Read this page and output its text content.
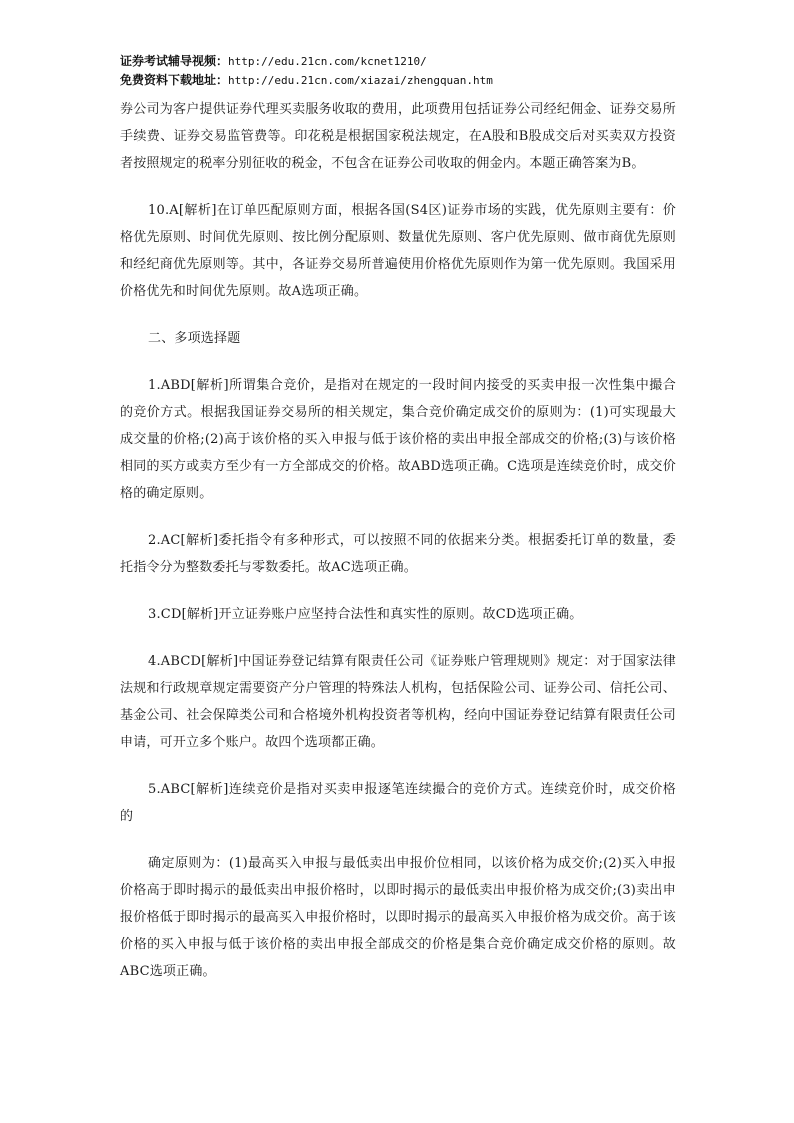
证券考试辅导视频：http://edu.21cn.com/kcnet1210/
免费资料下载地址：http://edu.21cn.com/xiazai/zhengquan.htm

券公司为客户提供证券代理买卖服务收取的费用，此项费用包括证券公司经纪佣金、证券交易所手续费、证券交易监管费等。印花税是根据国家税法规定，在A股和B股成交后对买卖双方投资者按照规定的税率分别征收的税金，不包含在证券公司收取的佣金内。本题正确答案为B。

10.A[解析]在订单匹配原则方面，根据各国(S4区)证券市场的实践，优先原则主要有：价格优先原则、时间优先原则、按比例分配原则、数量优先原则、客户优先原则、做市商优先原则和经纪商优先原则等。其中，各证券交易所普遍使用价格优先原则作为第一优先原则。我国采用价格优先和时间优先原则。故A选项正确。

二、多项选择题

1.ABD[解析]所谓集合竞价，是指对在规定的一段时间内接受的买卖申报一次性集中撮合的竞价方式。根据我国证券交易所的相关规定，集合竞价确定成交价的原则为：(1)可实现最大成交量的价格;(2)高于该价格的买入申报与低于该价格的卖出申报全部成交的价格;(3)与该价格相同的买方或卖方至少有一方全部成交的价格。故ABD选项正确。C选项是连续竞价时，成交价格的确定原则。

2.AC[解析]委托指令有多种形式，可以按照不同的依据来分类。根据委托订单的数量，委托指令分为整数委托与零数委托。故AC选项正确。

3.CD[解析]开立证券账户应坚持合法性和真实性的原则。故CD选项正确。

4.ABCD[解析]中国证券登记结算有限责任公司《证券账户管理规则》规定：对于国家法律法规和行政规章规定需要资产分户管理的特殊法人机构，包括保险公司、证券公司、信托公司、基金公司、社会保障类公司和合格境外机构投资者等机构，经向中国证券登记结算有限责任公司申请，可开立多个账户。故四个选项都正确。

5.ABC[解析]连续竞价是指对买卖申报逐笔连续撮合的竞价方式。连续竞价时，成交价格的

确定原则为：(1)最高买入申报与最低卖出申报价位相同，以该价格为成交价;(2)买入申报价格高于即时揭示的最低卖出申报价格时，以即时揭示的最低卖出申报价格为成交价;(3)卖出申报价格低于即时揭示的最高买入申报价格时，以即时揭示的最高买入申报价格为成交价。高于该价格的买入申报与低于该价格的卖出申报全部成交的价格是集合竞价确定成交价格的原则。故ABC选项正确。
